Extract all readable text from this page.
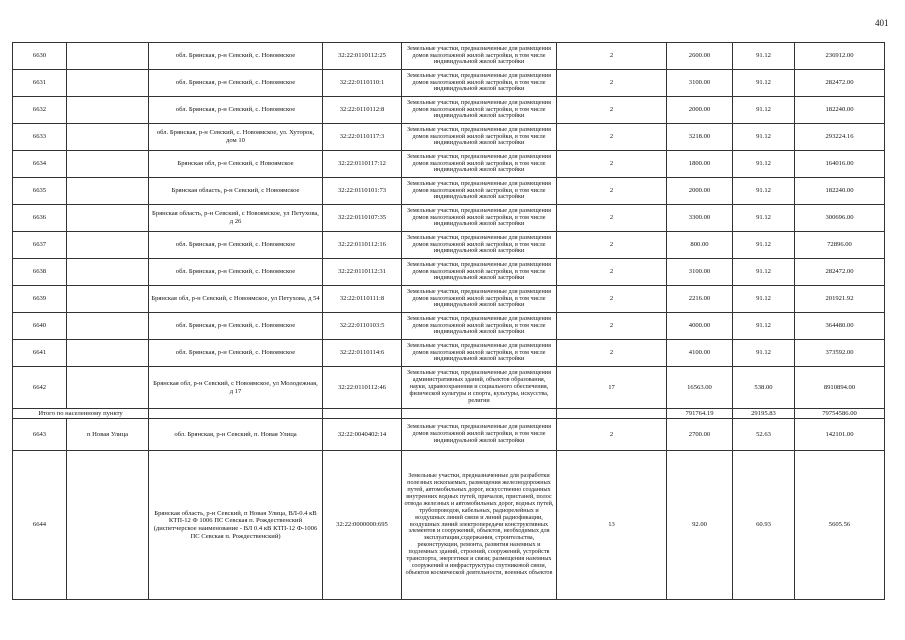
401
6630		обл. Брянская, р-н Севский, с. Новоямское	32:22:0110112:25	Земельные участки, предназначенные для размещения домов малоэтажной жилой застройки, в том числе индивидуальной жилой застройки	2	2600.00	91.12	236912.00
6631		обл. Брянская, р-н Севский, с. Новоямское	32:22:0110110:1	Земельные участки, предназначенные для размещения домов малоэтажной жилой застройки, в том числе индивидуальной жилой застройки	2	3100.00	91.12	282472.00
6632		обл. Брянская, р-н Севский, с. Новоямское	32:22:0110112:8	Земельные участки, предназначенные для размещения домов малоэтажной жилой застройки, в том числе индивидуальной жилой застройки	2	2000.00	91.12	182240.00
6633		обл. Брянская, р-н Севский, с. Новоямское, ул. Хуторок, дом 10	32:22:0110117:3	Земельные участки, предназначенные для размещения домов малоэтажной жилой застройки, в том числе индивидуальной жилой застройки	2	3218.00	91.12	293224.16
6634		Брянская обл, р-н Севский, с Новоямское	32:22:0110117:12	Земельные участки, предназначенные для размещения домов малоэтажной жилой застройки, в том числе индивидуальной жилой застройки	2	1800.00	91.12	164016.00
6635		Брянская область, р-н Севский, с Новоямское	32:22:0110101:73	Земельные участки, предназначенные для размещения домов малоэтажной жилой застройки, в том числе индивидуальной жилой застройки	2	2000.00	91.12	182240.00
6636		Брянская область, р-н Севский, с Новоямское, ул Петухова, д 26	32:22:0110107:35	Земельные участки, предназначенные для размещения домов малоэтажной жилой застройки, в том числе индивидуальной жилой застройки	2	3300.00	91.12	300696.00
6637		обл. Брянская, р-н Севский, с. Новоямское	32:22:0110112:16	Земельные участки, предназначенные для размещения домов малоэтажной жилой застройки, в том числе индивидуальной жилой застройки	2	800.00	91.12	72896.00
6638		обл. Брянская, р-н Севский, с. Новоямское	32:22:0110112:31	Земельные участки, предназначенные для размещения домов малоэтажной жилой застройки, в том числе индивидуальной жилой застройки	2	3100.00	91.12	282472.00
6639		Брянская обл, р-н Севский, с Новоямское, ул Петухова, д 54	32:22:0110111:8	Земельные участки, предназначенные для размещения домов малоэтажной жилой застройки, в том числе индивидуальной жилой застройки	2	2216.00	91.12	201921.92
6640		обл. Брянская, р-н Севский, с. Новоямское	32:22:0110103:5	Земельные участки, предназначенные для размещения домов малоэтажной жилой застройки, в том числе индивидуальной жилой застройки	2	4000.00	91.12	364480.00
6641		обл. Брянская, р-н Севский, с. Новоямское	32:22:0110114:6	Земельные участки, предназначенные для размещения домов малоэтажной жилой застройки, в том числе индивидуальной жилой застройки	2	4100.00	91.12	373592.00
6642		Брянская обл, р-н Севский, с Новоямское, ул Молодежная, д 17	32:22:0110112:46	Земельные участки, предназначенные для размещения административных зданий, объектов образования, науки, здравоохранения и социального обеспечения, физической культуры и спорта, культуры, искусства, религии	17	16563.00	538.00	8910894.00
Итого по населенному пункту						791764.19	29195.83	79754586.00
6643	п Новая Улица	обл. Брянская, р-н Севский, п. Новая Улица	32:22:0040402:14	Земельные участки, предназначенные для размещения домов малоэтажной жилой застройки, в том числе индивидуальной жилой застройки	2	2700.00	52.63	142101.00
6644		Брянская область, р-н Севский, п Новая Улица, ВЛ-0.4 кВ КТП-12 Ф 1006 ПС Севская п. Рождественский (диспетчерское наименование - ВЛ 0.4 кВ КТП-12 Ф-1006 ПС Севская п. Рождественский)	32:22:0000000:695	Земельные участки, предназначенные для разработки полезных ископаемых, размещения железнодорожных путей, автомобильных дорог, искусственно созданных внутренних водных путей, причалов, пристаней, полос отвода железных и автомобильных дорог, водных путей, трубопроводов, кабельных, радиорелейных и воздушных линий связи и линий радиофикации, воздушных линий электропередачи конструктивных элементов и сооружений, объектов, необходимых для эксплуатации,содержания, строительства, реконструкции, ремонта, развития наземных и подземных зданий, строений, сооружений, устройств транспорта, энергетики и связи; размещения наземных сооружений и инфраструктуры спутниковой связи, объектов космической деятельности, военных объектов	13	92.00	60.93	5605.56
